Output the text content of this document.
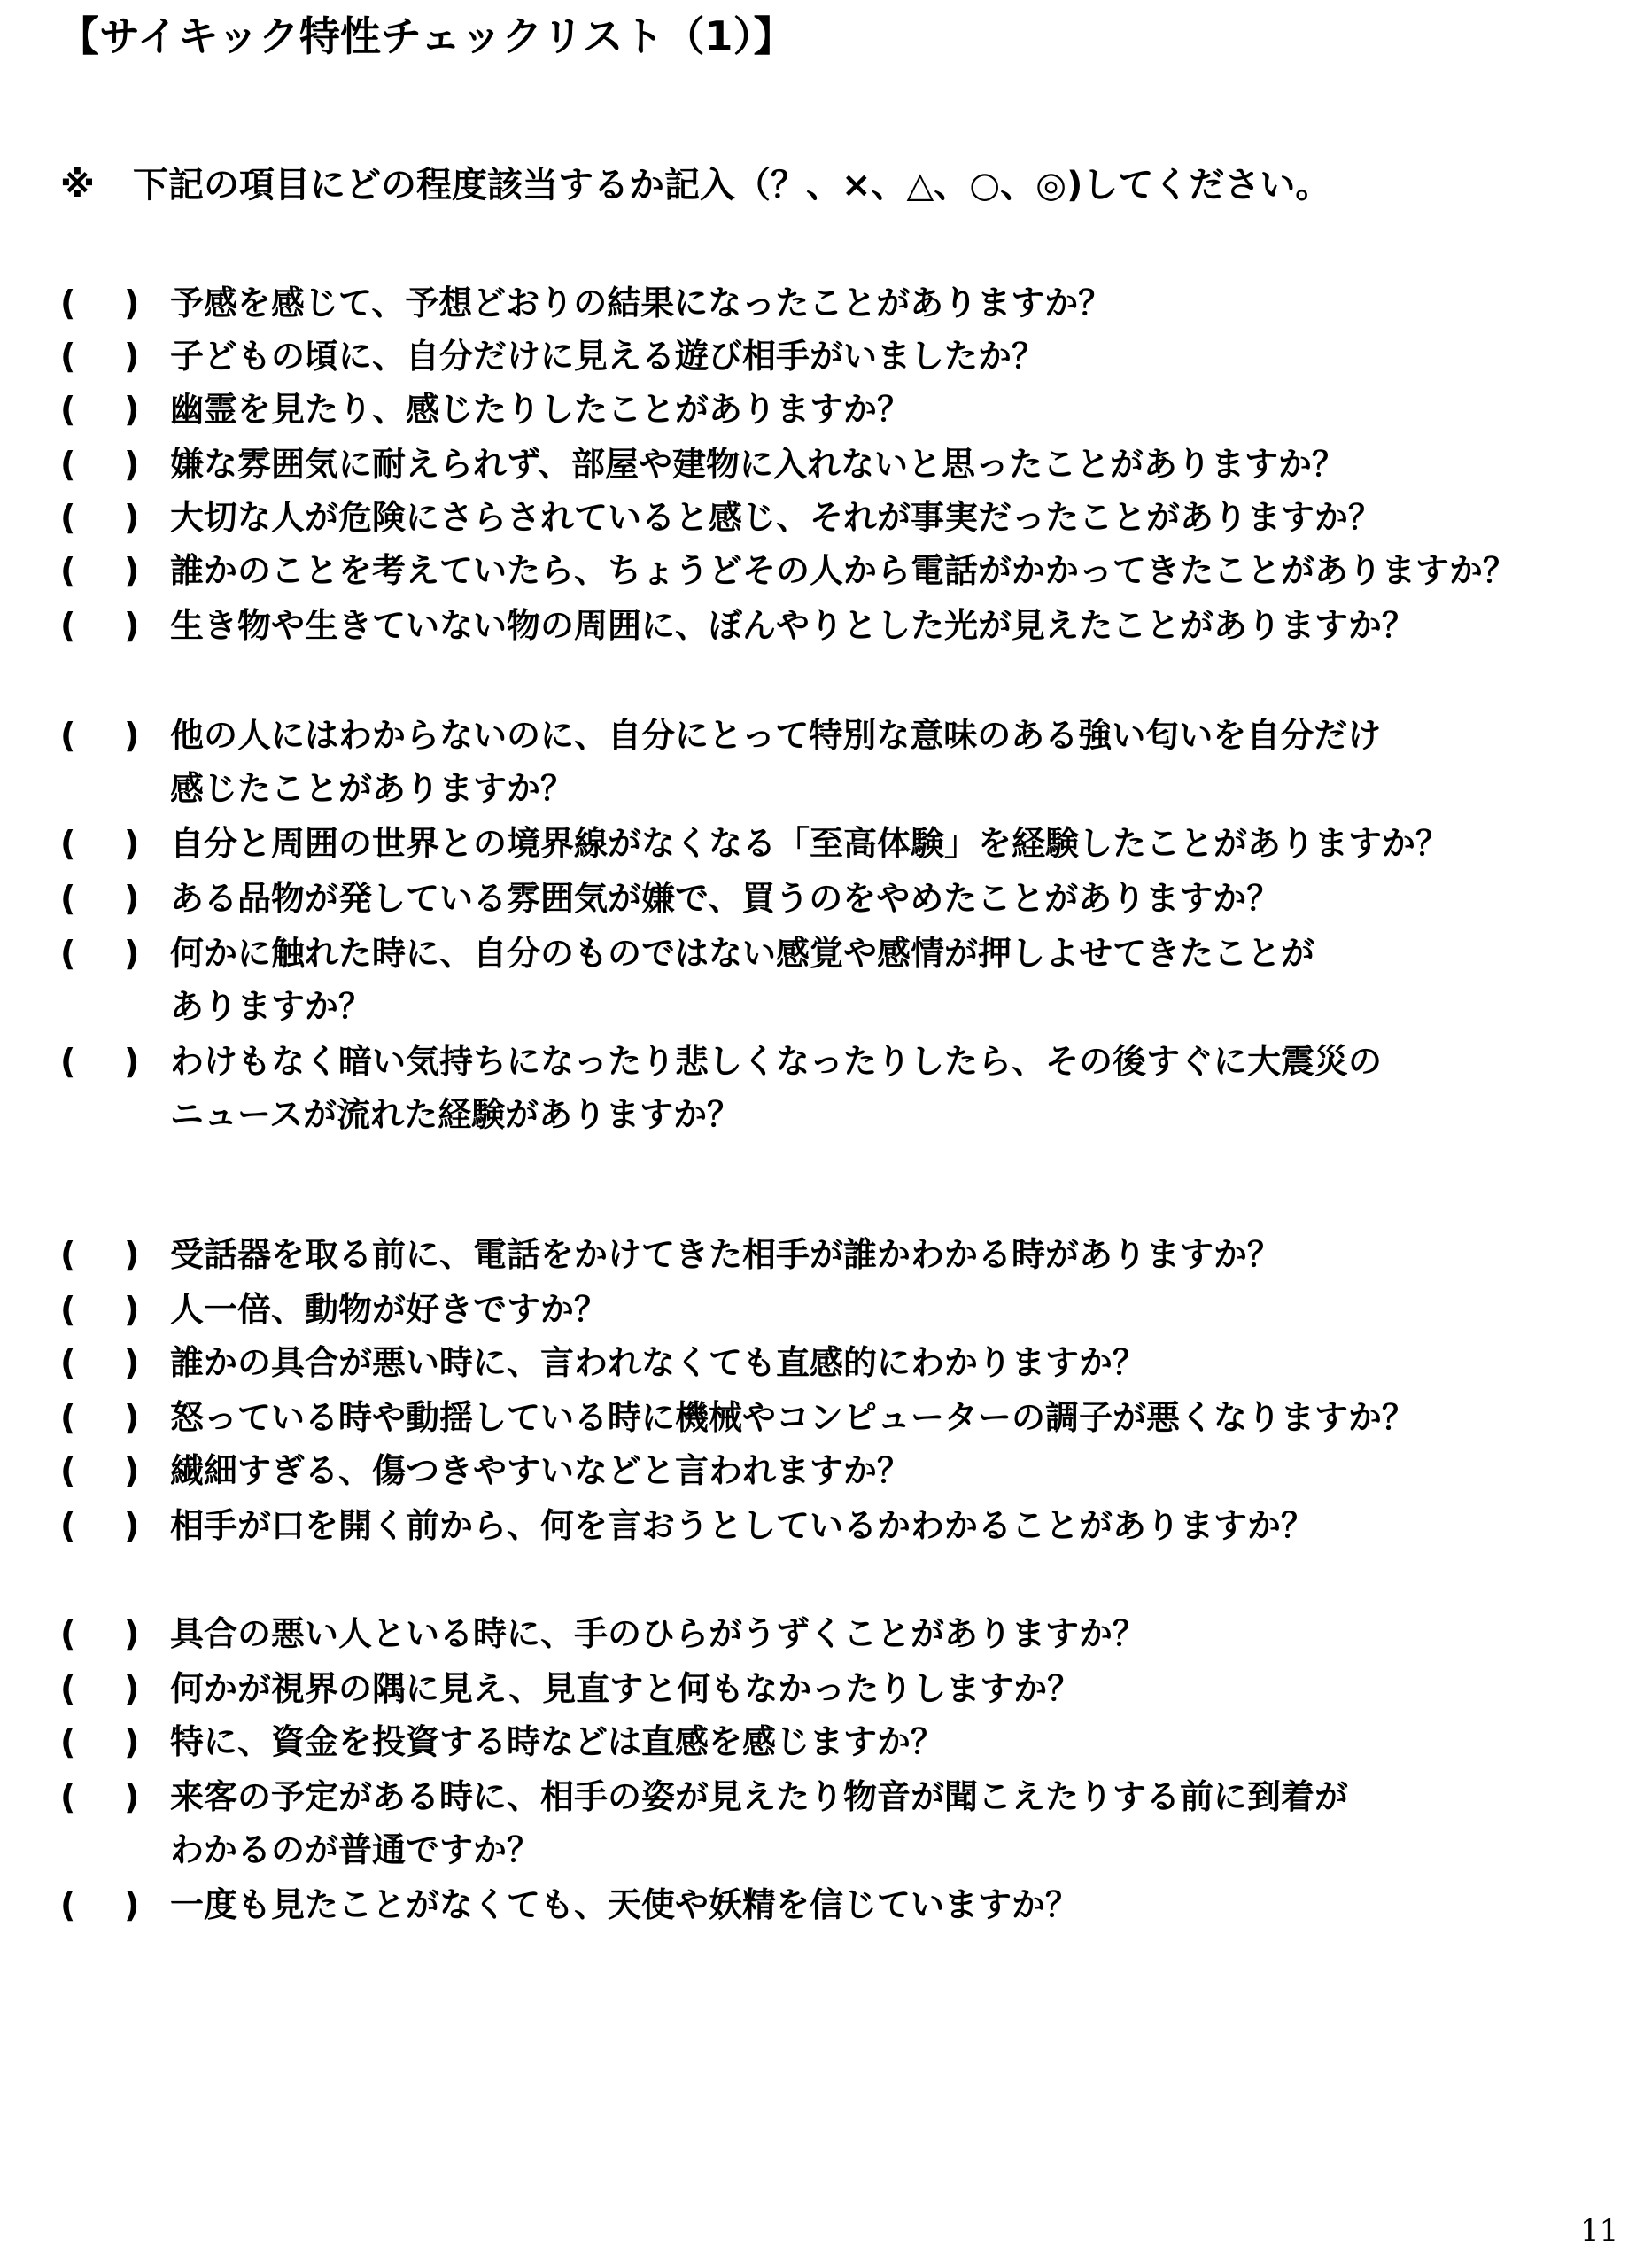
【サイキック特性チェックリスト（1）】
※ 下記の項目にどの程度該当するか記入（？、×、△、○、◎)してください。
( ) 予感を感じて、予想どおりの結果になったことがありますか？
( ) 子どもの頃に、自分だけに見える遊び相手がいましたか？
( ) 幽霊を見たり、感じたりしたことがありますか？
( ) 嫌な雰囲気に耐えられず、部屋や建物に入れないと思ったことがありますか？
( ) 大切な人が危険にさらされていると感じ、それが事実だったことがありますか？
( ) 誰かのことを考えていたら、ちょうどその人から電話がかかってきたことがありますか？
( ) 生き物や生きていない物の周囲に、ぼんやりとした光が見えたことがありますか？
( ) 他の人にはわからないのに、自分にとって特別な意味のある強い匂いを自分だけ
感じたことがありますか？
( ) 自分と周囲の世界との境界線がなくなる「至高体験」を経験したことがありますか？
( ) ある品物が発している雰囲気が嫌で、買うのをやめたことがありますか？
( ) 何かに触れた時に、自分のものではない感覚や感情が押しよせてきたことが
ありますか？
( ) わけもなく暗い気持ちになったり悲しくなったりしたら、その後すぐに大震災の
ニュースが流れた経験がありますか？
( ) 受話器を取る前に、電話をかけてきた相手が誰かわかる時がありますか？
( ) 人一倍、動物が好きですか？
( ) 誰かの具合が悪い時に、言われなくても直感的にわかりますか？
( ) 怒っている時や動揺している時に機械やコンピューターの調子が悪くなりますか？
( ) 繊細すぎる、傷つきやすいなどと言われますか？
( ) 相手が口を開く前から、何を言おうとしているかわかることがありますか？
( ) 具合の悪い人といる時に、手のひらがうずくことがありますか？
( ) 何かが視界の隅に見え、見直すと何もなかったりしますか？
( ) 特に、資金を投資する時などは直感を感じますか？
( ) 来客の予定がある時に、相手の姿が見えたり物音が聞こえたりする前に到着が
わかるのが普通ですか？
( ) 一度も見たことがなくても、天使や妖精を信じていますか？
11
